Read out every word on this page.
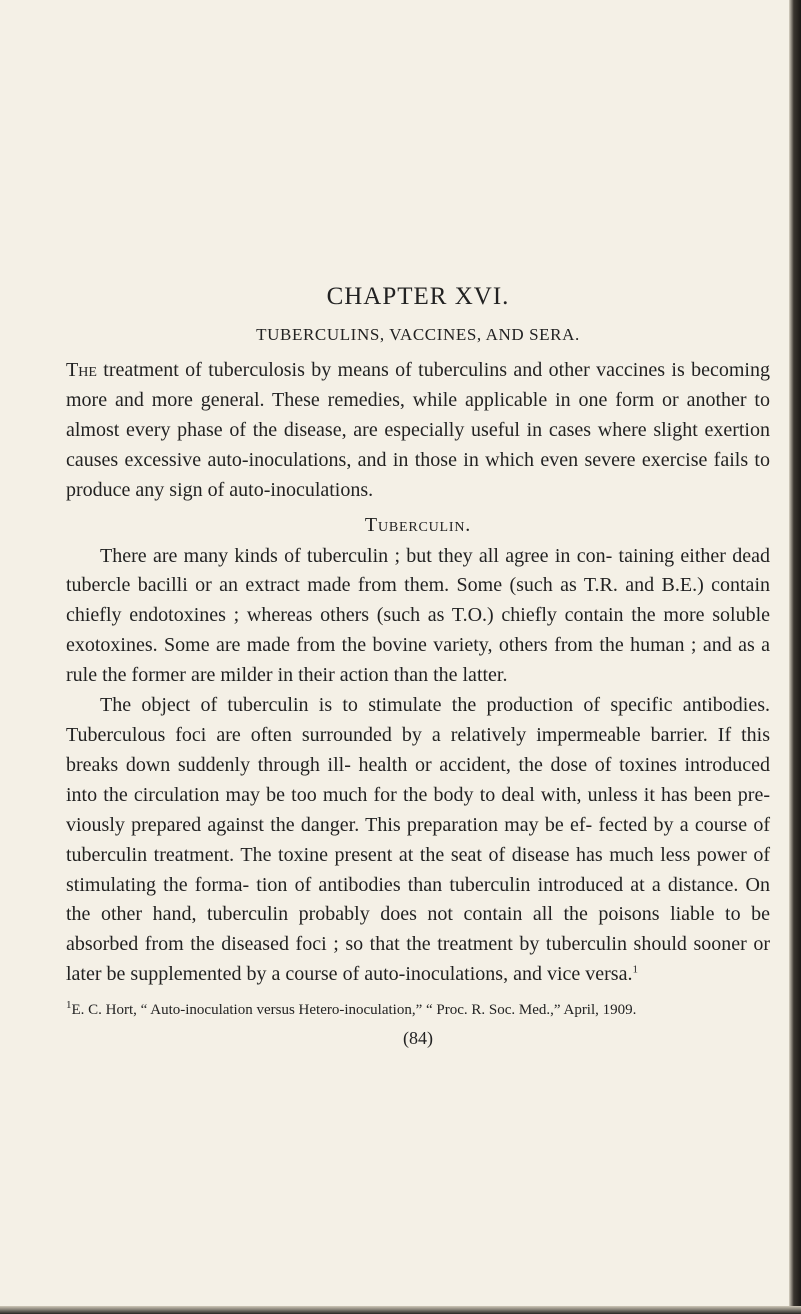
CHAPTER XVI.
TUBERCULINS, VACCINES, AND SERA.

The treatment of tuberculosis by means of tuberculins and other vaccines is becoming more and more general. These remedies, while applicable in one form or another to almost every phase of the disease, are especially useful in cases where slight exertion causes excessive auto-inoculations, and in those in which even severe exercise fails to produce any sign of auto-inoculations.

Tuberculin.

There are many kinds of tuberculin ; but they all agree in con- taining either dead tubercle bacilli or an extract made from them. Some (such as T.R. and B.E.) contain chiefly endotoxines ; whereas others (such as T.O.) chiefly contain the more soluble exotoxines. Some are made from the bovine variety, others from the human ; and as a rule the former are milder in their action than the latter.

The object of tuberculin is to stimulate the production of specific antibodies. Tuberculous foci are often surrounded by a relatively impermeable barrier. If this breaks down suddenly through ill- health or accident, the dose of toxines introduced into the circulation may be too much for the body to deal with, unless it has been pre- viously prepared against the danger. This preparation may be ef- fected by a course of tuberculin treatment. The toxine present at the seat of disease has much less power of stimulating the forma- tion of antibodies than tuberculin introduced at a distance. On the other hand, tuberculin probably does not contain all the poisons liable to be absorbed from the diseased foci ; so that the treatment by tuberculin should sooner or later be supplemented by a course of auto-inoculations, and vice versa.$^1$

$^1$E. C. Hort, “ Auto-inoculation versus Hetero-inoculation,” “ Proc. R. Soc. Med.,” April, 1909.
(84)
